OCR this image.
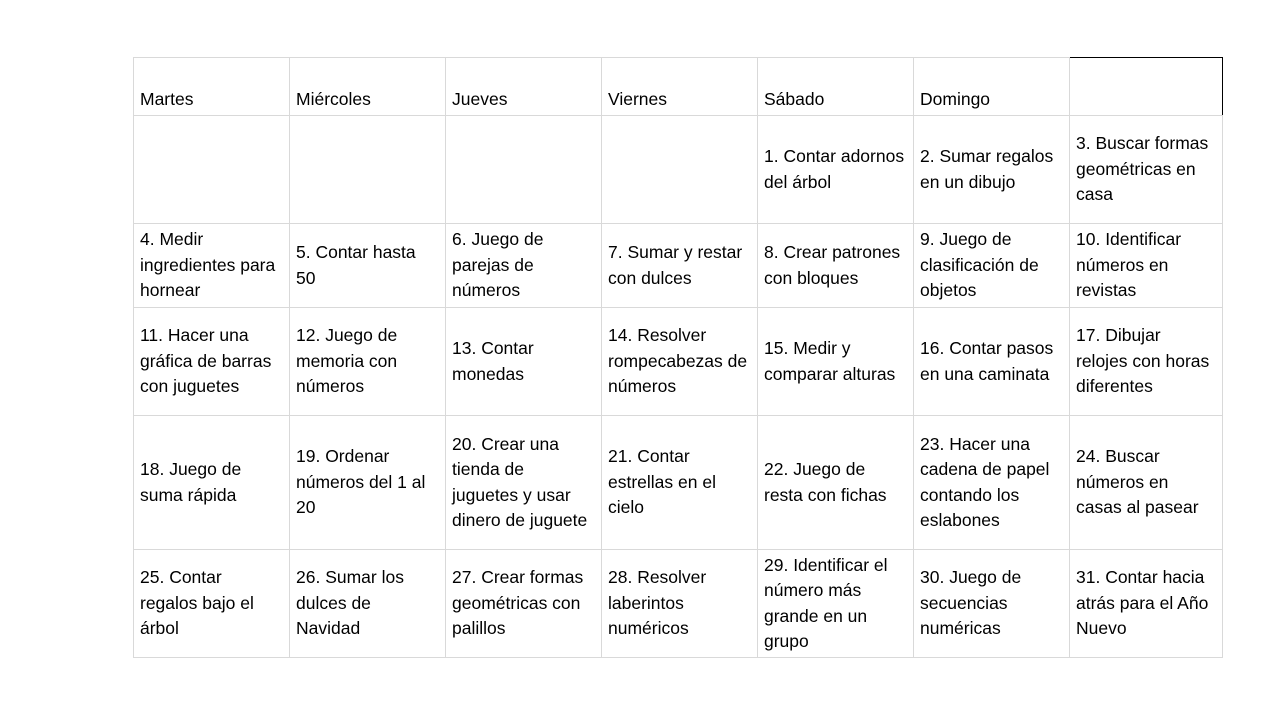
Martes	Miércoles	Jueves	Viernes	Sábado	Domingo	
				1. Contar adornos del árbol	2. Sumar regalos en un dibujo	3. Buscar formas geométricas en casa
4. Medir ingredientes para hornear	5. Contar hasta 50	6. Juego de parejas de números	7. Sumar y restar con dulces	8. Crear patrones con bloques	9. Juego de clasificación de objetos	10. Identificar números en revistas
11. Hacer una gráfica de barras con juguetes	12. Juego de memoria con números	13. Contar monedas	14. Resolver rompecabezas de números	15. Medir y comparar alturas	16. Contar pasos en una caminata	17. Dibujar relojes con horas diferentes
18. Juego de suma rápida	19. Ordenar números del 1 al 20	20. Crear una tienda de juguetes y usar dinero de juguete	21. Contar estrellas en el cielo	22. Juego de resta con fichas	23. Hacer una cadena de papel contando los eslabones	24. Buscar números en casas al pasear
25. Contar regalos bajo el árbol	26. Sumar los dulces de Navidad	27. Crear formas geométricas con palillos	28. Resolver laberintos numéricos	29. Identificar el número más grande en un grupo	30. Juego de secuencias numéricas	31. Contar hacia atrás para el Año Nuevo
